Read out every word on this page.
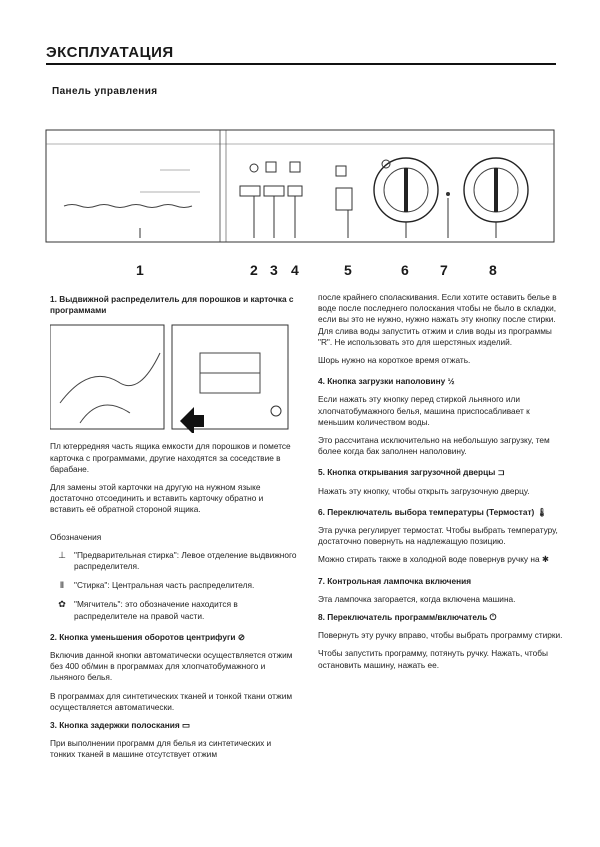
ЭКСПЛУАТАЦИЯ
Панель управления
1	2 3 4	5	6 7	8

1. Выдвижной распределитель для порошков и карточка с программами

Пл ютерредняя часть ящика емкости для порошков и пометсе карточка с программами, другие находятся за соседствие в барабане.

Для замены этой карточки на другую на нужном языке достаточно отсоединить и вставить карточку обратно и вставить её обратной стороной ящика.

Обозначения

⊥ "Предварительная стирка": Левое отделение выдвижного распределителя.
Ⅱ	"Стирка": Центральная часть распределителя.
✿ "Мягчитель": это обозначение находится в распределителе на правой части.

2. Кнопка уменьшения оборотов центрифуги ⊘

Включив данной кнопки автоматически осуществляется отжим без 400 об/мин в программах для хлопчатобумажного и льняного белья.

В программах для синтетических тканей и тонкой ткани отжим осуществляется автоматически.

3. Кнопка задержки полоскания ▭

При выполнении программ для белья из синтетических и тонких тканей в машине отсутствует отжим

после крайнего споласкивания. Если хотите оставить белье в воде после последнего полоскания чтобы не было в складки, если вы это не нужно, нужно нажать эту кнопку после стирки. Для слива воды запустить отжим и слив воды из программы "R". Не использовать это для шерстяных изделий.

Шорь нужно на короткое время отжать.

4. Кнопка загрузки наполовину ½

Если нажать эту кнопку перед стиркой льняного или хлопчатобумажного белья, машина приспосабливает к меньшим количеством воды.

Это рассчитана исключительно на небольшую загрузку, тем более когда бак заполнен наполовину.

5. Кнопка открывания загрузочной дверцы ⊐

Нажать эту кнопку, чтобы открыть загрузочную дверцу.

6. Переключатель выбора температуры (Термостат) 🌡

Эта ручка регулирует термостат. Чтобы выбрать температуру, достаточно повернуть на надлежащую позицию.

Можно стирать также в холодной воде повернув ручку на ✱

7. Контрольная лампочка включения

Эта лампочка загорается, когда включена машина.

8. Переключатель программ/включатель ⏻

Повернуть эту ручку вправо, чтобы выбрать программу стирки.

Чтобы запустить программу, потянуть ручку. Нажать, чтобы остановить машину, нажать ее.
